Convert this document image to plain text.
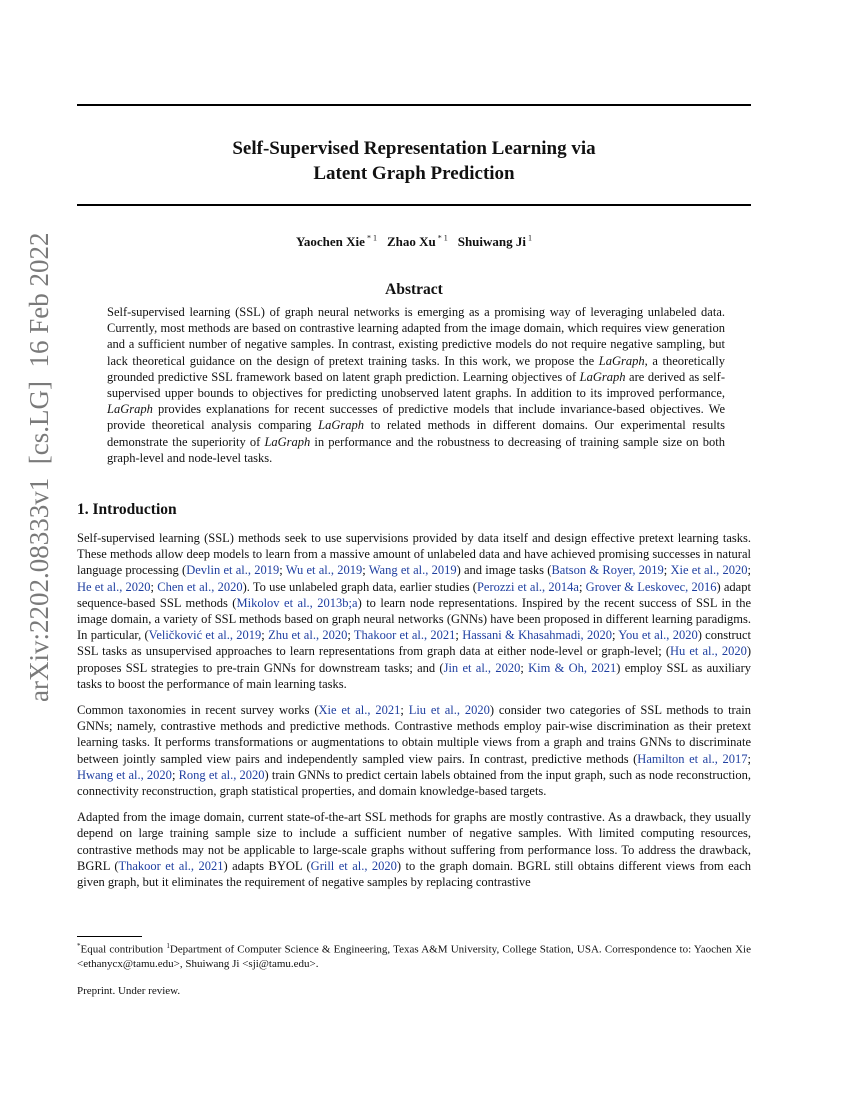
arXiv:2202.08333v1  [cs.LG]  16 Feb 2022
Self-Supervised Representation Learning via
Latent Graph Prediction
Yaochen Xie $^{* 1}$ Zhao Xu $^{* 1}$ Shuiwang Ji $^1$
Abstract
Self-supervised learning (SSL) of graph neural networks is emerging as a promising way of leveraging unlabeled data. Currently, most methods are based on contrastive learning adapted from the image domain, which requires view generation and a sufficient number of negative samples. In contrast, existing predictive models do not require negative sampling, but lack theoretical guidance on the design of pretext training tasks. In this work, we propose the LaGraph, a theoretically grounded predictive SSL framework based on latent graph prediction. Learning objectives of LaGraph are derived as self-supervised upper bounds to objectives for predicting unobserved latent graphs. In addition to its improved performance, LaGraph provides explanations for recent successes of predictive models that include invariance-based objectives. We provide theoretical analysis comparing LaGraph to related methods in different domains. Our experimental results demonstrate the superiority of LaGraph in performance and the robustness to decreasing of training sample size on both graph-level and node-level tasks.
1. Introduction

Self-supervised learning (SSL) methods seek to use supervisions provided by data itself and design effective pretext learning tasks. These methods allow deep models to learn from a massive amount of unlabeled data and have achieved promising successes in natural language processing (Devlin et al., 2019; Wu et al., 2019; Wang et al., 2019) and image tasks (Batson & Royer, 2019; Xie et al., 2020; He et al., 2020; Chen et al., 2020). To use unlabeled graph data, earlier studies (Perozzi et al., 2014a; Grover & Leskovec, 2016) adapt sequence-based SSL methods (Mikolov et al., 2013b;a) to learn node representations. Inspired by the recent success of SSL in the image domain, a variety of SSL methods based on graph neural networks (GNNs) have been proposed in different learning paradigms. In particular, (Veličković et al., 2019; Zhu et al., 2020; Thakoor et al., 2021; Hassani & Khasahmadi, 2020; You et al., 2020) construct SSL tasks as unsupervised approaches to learn representations from graph data at either node-level or graph-level; (Hu et al., 2020) proposes SSL strategies to pre-train GNNs for downstream tasks; and (Jin et al., 2020; Kim & Oh, 2021) employ SSL as auxiliary tasks to boost the performance of main learning tasks.

Common taxonomies in recent survey works (Xie et al., 2021; Liu et al., 2020) consider two categories of SSL methods to train GNNs; namely, contrastive methods and predictive methods. Contrastive methods employ pair-wise discrimination as their pretext learning tasks. It performs transformations or augmentations to obtain multiple views from a graph and trains GNNs to discriminate between jointly sampled view pairs and independently sampled view pairs. In contrast, predictive methods (Hamilton et al., 2017; Hwang et al., 2020; Rong et al., 2020) train GNNs to predict certain labels obtained from the input graph, such as node reconstruction, connectivity reconstruction, graph statistical properties, and domain knowledge-based targets.

Adapted from the image domain, current state-of-the-art SSL methods for graphs are mostly contrastive. As a drawback, they usually depend on large training sample size to include a sufficient number of negative samples. With limited computing resources, contrastive methods may not be applicable to large-scale graphs without suffering from performance loss. To address the drawback, BGRL (Thakoor et al., 2021) adapts BYOL (Grill et al., 2020) to the graph domain. BGRL still obtains different views from each given graph, but it eliminates the requirement of negative samples by replacing contrastive

*Equal contribution $^1$Department of Computer Science & Engineering, Texas A&M University, College Station, USA. Correspondence to: Yaochen Xie <ethanycx@tamu.edu>, Shuiwang Ji <sji@tamu.edu>.
Preprint. Under review.
